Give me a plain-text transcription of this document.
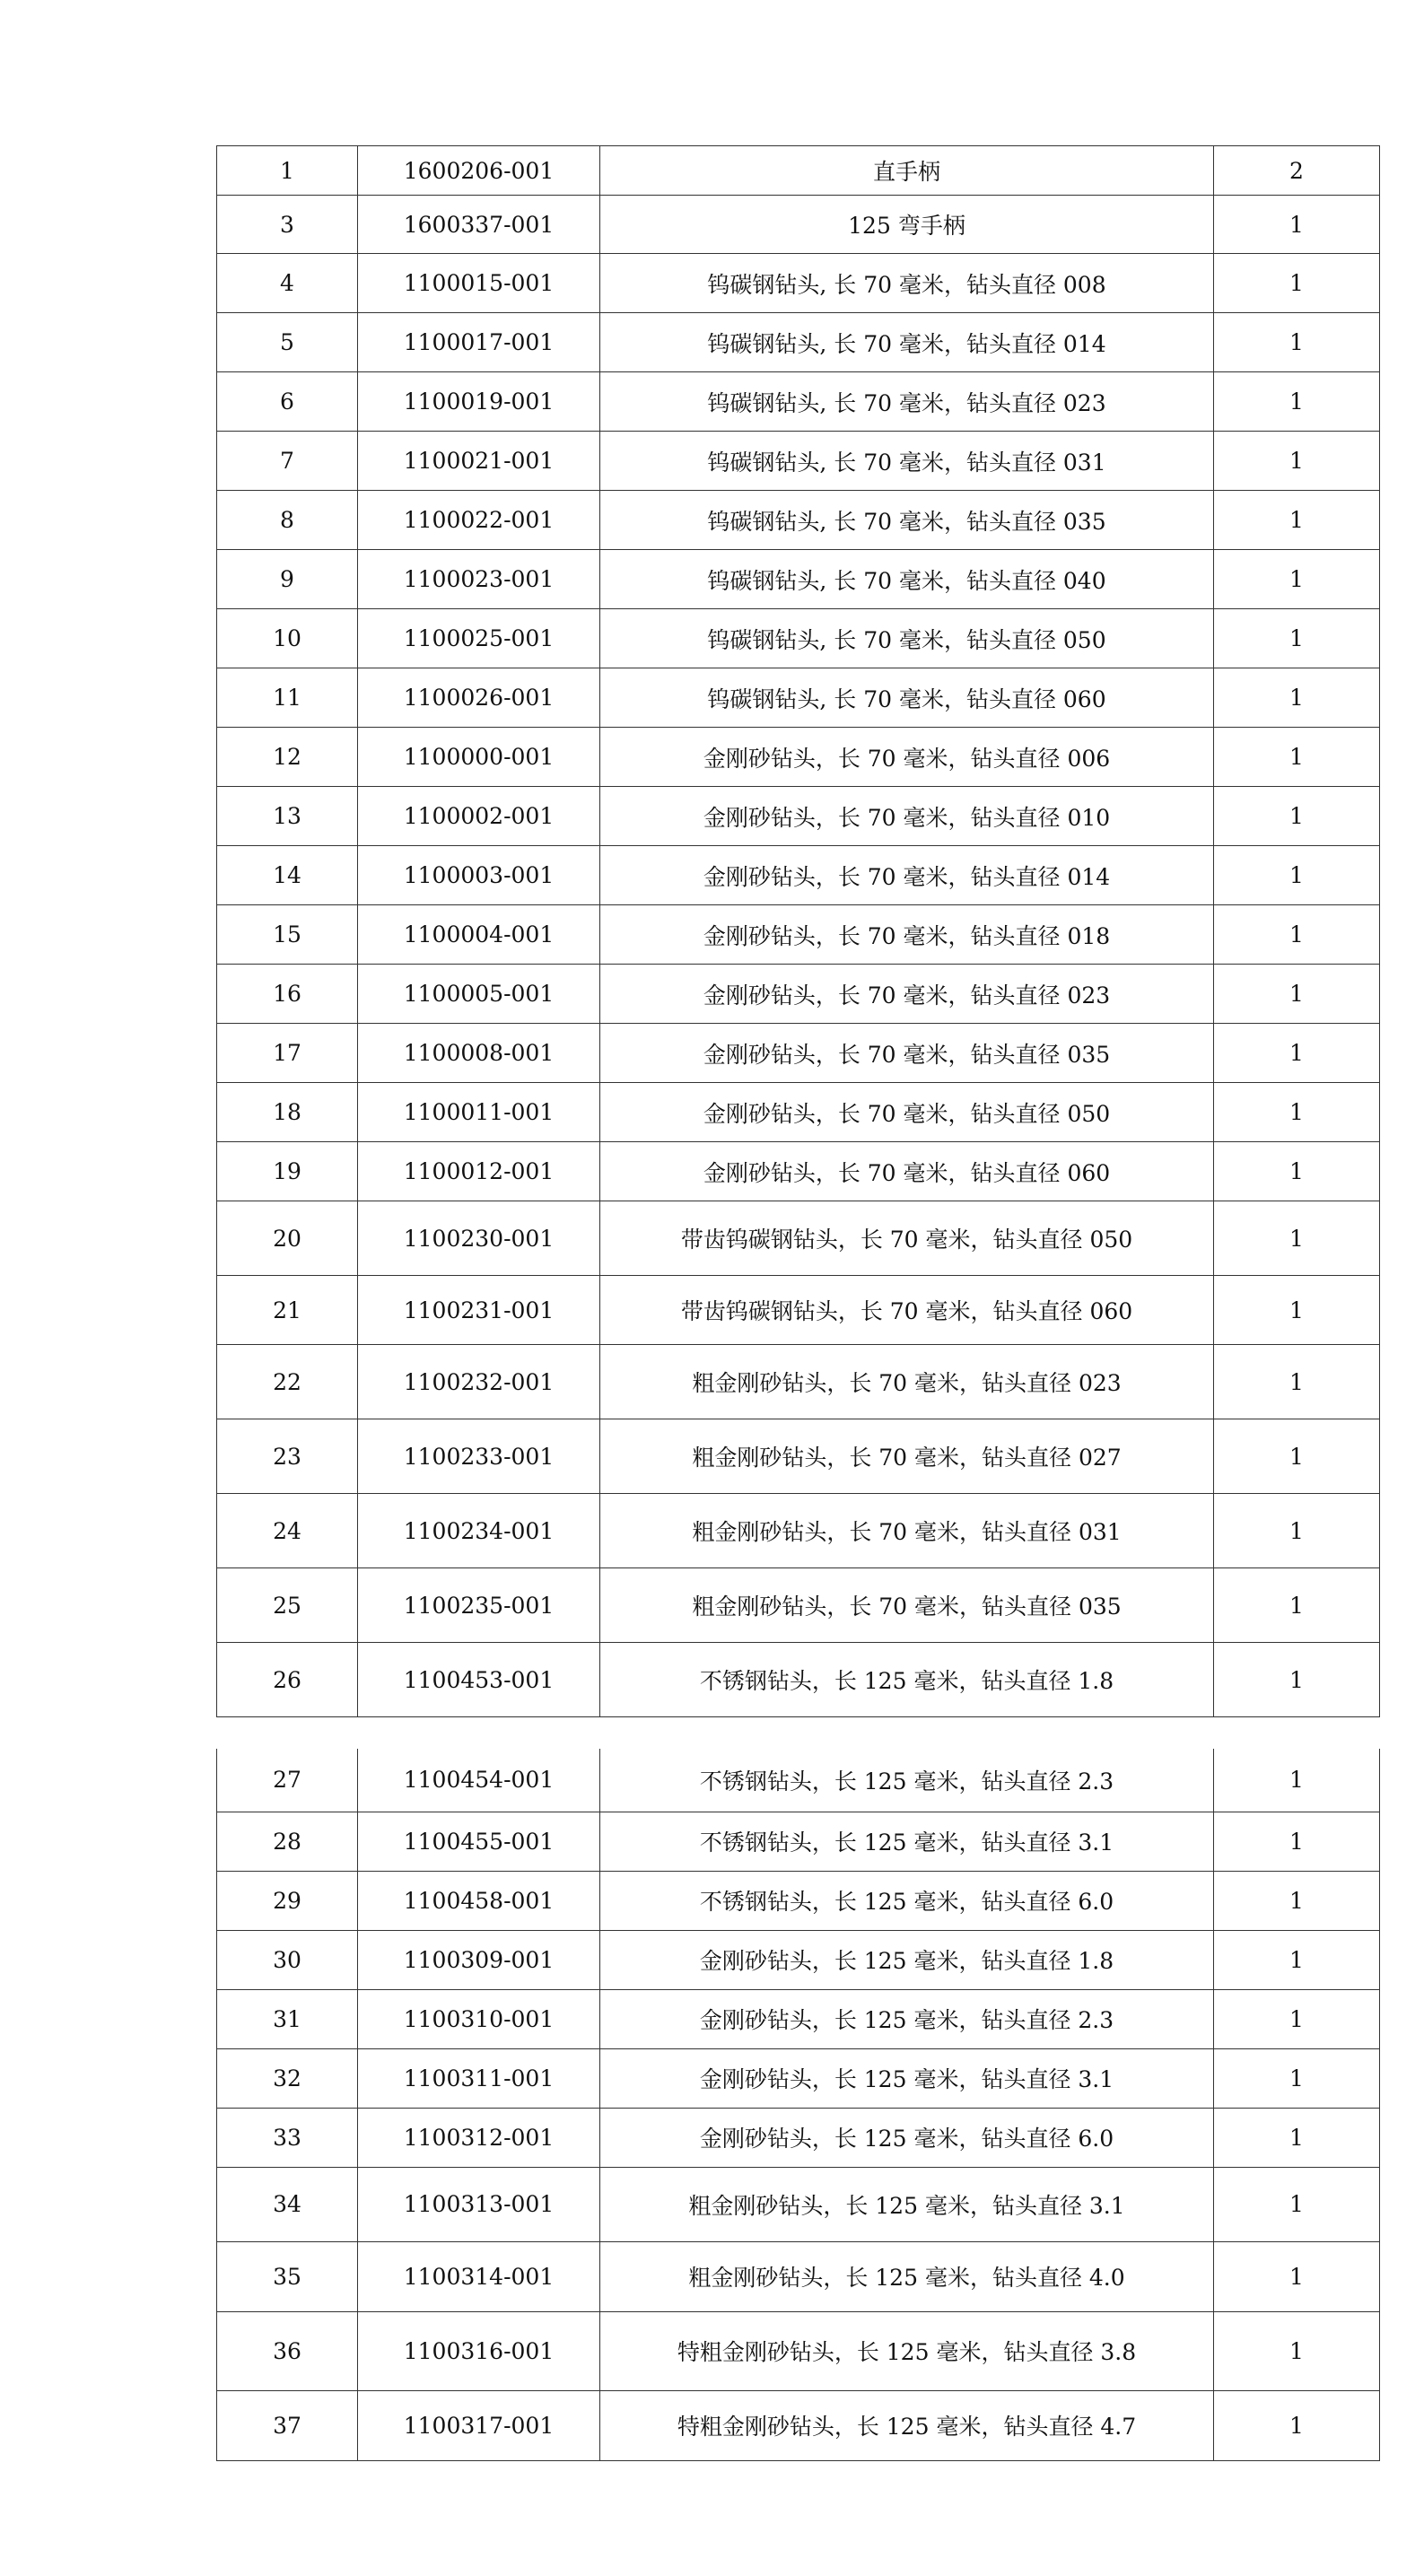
1	1600206-001	直手柄	2
3	1600337-001	125 弯手柄	1
4	1100015-001	钨碳钢钻头, 长 70 毫米，钻头直径 008	1
5	1100017-001	钨碳钢钻头, 长 70 毫米，钻头直径 014	1
6	1100019-001	钨碳钢钻头, 长 70 毫米，钻头直径 023	1
7	1100021-001	钨碳钢钻头, 长 70 毫米，钻头直径 031	1
8	1100022-001	钨碳钢钻头, 长 70 毫米，钻头直径 035	1
9	1100023-001	钨碳钢钻头, 长 70 毫米，钻头直径 040	1
10	1100025-001	钨碳钢钻头, 长 70 毫米，钻头直径 050	1
11	1100026-001	钨碳钢钻头, 长 70 毫米，钻头直径 060	1
12	1100000-001	金刚砂钻头，长 70 毫米，钻头直径 006	1
13	1100002-001	金刚砂钻头，长 70 毫米，钻头直径 010	1
14	1100003-001	金刚砂钻头，长 70 毫米，钻头直径 014	1
15	1100004-001	金刚砂钻头，长 70 毫米，钻头直径 018	1
16	1100005-001	金刚砂钻头，长 70 毫米，钻头直径 023	1
17	1100008-001	金刚砂钻头，长 70 毫米，钻头直径 035	1
18	1100011-001	金刚砂钻头，长 70 毫米，钻头直径 050	1
19	1100012-001	金刚砂钻头，长 70 毫米，钻头直径 060	1
20	1100230-001	带齿钨碳钢钻头，长 70 毫米，钻头直径 050	1
21	1100231-001	带齿钨碳钢钻头，长 70 毫米，钻头直径 060	1
22	1100232-001	粗金刚砂钻头，长 70 毫米，钻头直径 023	1
23	1100233-001	粗金刚砂钻头，长 70 毫米，钻头直径 027	1
24	1100234-001	粗金刚砂钻头，长 70 毫米，钻头直径 031	1
25	1100235-001	粗金刚砂钻头，长 70 毫米，钻头直径 035	1
26	1100453-001	不锈钢钻头，长 125 毫米，钻头直径 1.8	1
27	1100454-001	不锈钢钻头，长 125 毫米，钻头直径 2.3	1
28	1100455-001	不锈钢钻头，长 125 毫米，钻头直径 3.1	1
29	1100458-001	不锈钢钻头，长 125 毫米，钻头直径 6.0	1
30	1100309-001	金刚砂钻头，长 125 毫米，钻头直径 1.8	1
31	1100310-001	金刚砂钻头，长 125 毫米，钻头直径 2.3	1
32	1100311-001	金刚砂钻头，长 125 毫米，钻头直径 3.1	1
33	1100312-001	金刚砂钻头，长 125 毫米，钻头直径 6.0	1
34	1100313-001	粗金刚砂钻头，长 125 毫米，钻头直径 3.1	1
35	1100314-001	粗金刚砂钻头，长 125 毫米，钻头直径 4.0	1
36	1100316-001	特粗金刚砂钻头，长 125 毫米，钻头直径 3.8	1
37	1100317-001	特粗金刚砂钻头，长 125 毫米，钻头直径 4.7	1
